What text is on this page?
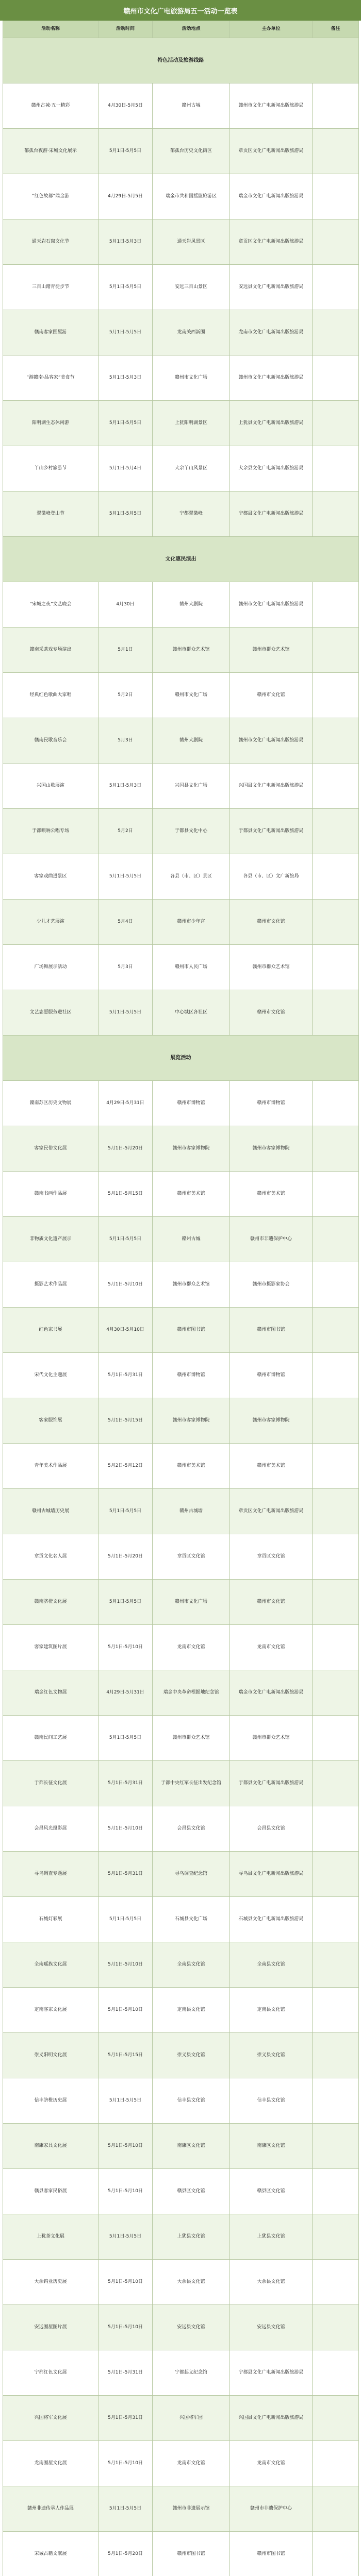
赣州市文化广电旅游局五一活动一览表
活动名称	活动时间	活动地点	主办单位	备注
特色活动及旅游线路				
赣州古城·五一精彩	4月30日-5月5日	赣州古城	赣州市文化广电新闻出版旅游局	
郁孤台夜游·宋城文化展示	5月1日-5月5日	郁孤台历史文化街区	章贡区文化广电新闻出版旅游局	
“红色故都”瑞金游	4月29日-5月5日	瑞金市共和国摇篮旅游区	瑞金市文化广电新闻出版旅游局	
通天岩石窟文化节	5月1日-5月3日	通天岩风景区	章贡区文化广电新闻出版旅游局	
三百山踏青徒步节	5月1日-5月5日	安远三百山景区	安远县文化广电新闻出版旅游局	
赣南客家围屋游	5月1日-5月5日	龙南关西新围	龙南市文化广电新闻出版旅游局	
“游赣南·品客家”美食节	5月1日-5月3日	赣州市文化广场	赣州市文化广电新闻出版旅游局	
阳明湖生态休闲游	5月1日-5月5日	上犹阳明湖景区	上犹县文化广电新闻出版旅游局	
丫山乡村旅游节	5月1日-5月4日	大余丫山风景区	大余县文化广电新闻出版旅游局	
翠微峰登山节	5月1日-5月5日	宁都翠微峰	宁都县文化广电新闻出版旅游局	
文化惠民演出				
“宋城之夜”文艺晚会	4月30日	赣州大剧院	赣州市文化广电新闻出版旅游局	
赣南采茶戏专场演出	5月1日	赣州市群众艺术馆	赣州市群众艺术馆	
经典红色歌曲大家唱	5月2日	赣州市文化广场	赣州市文化馆	
赣南民歌音乐会	5月3日	赣州大剧院	赣州市文化广电新闻出版旅游局	
兴国山歌展演	5月1日-5月3日	兴国县文化广场	兴国县文化广电新闻出版旅游局	
于都唢呐公唱专场	5月2日	于都县文化中心	于都县文化广电新闻出版旅游局	
客家戏曲进景区	5月1日-5月5日	各县（市、区）景区	各县（市、区）文广新旅局	
少儿才艺展演	5月4日	赣州市少年宫	赣州市文化馆	
广场舞展示活动	5月3日	赣州市人民广场	赣州市群众艺术馆	
文艺志愿服务进社区	5月1日-5月5日	中心城区各社区	赣州市文化馆	
展览活动				
赣南苏区历史文物展	4月29日-5月31日	赣州市博物馆	赣州市博物馆	
客家民俗文化展	5月1日-5月20日	赣州市客家博物院	赣州市客家博物院	
赣南书画作品展	5月1日-5月15日	赣州市美术馆	赣州市美术馆	
非物质文化遗产展示	5月1日-5月5日	赣州古城	赣州市非遗保护中心	
摄影艺术作品展	5月1日-5月10日	赣州市群众艺术馆	赣州市摄影家协会	
红色家书展	4月30日-5月10日	赣州市图书馆	赣州市图书馆	
宋代文化主题展	5月1日-5月31日	赣州市博物馆	赣州市博物馆	
客家服饰展	5月1日-5月15日	赣州市客家博物院	赣州市客家博物院	
青年美术作品展	5月2日-5月12日	赣州市美术馆	赣州市美术馆	
赣州古城墙历史展	5月1日-5月5日	赣州古城墙	章贡区文化广电新闻出版旅游局	
章贡文化名人展	5月1日-5月20日	章贡区文化馆	章贡区文化馆	
赣南脐橙文化展	5月1日-5月5日	赣州市文化广场	赣州市文化馆	
客家建筑图片展	5月1日-5月10日	龙南市文化馆	龙南市文化馆	
瑞金红色文物展	4月29日-5月31日	瑞金中央革命根据地纪念馆	瑞金市文化广电新闻出版旅游局	
赣南民间工艺展	5月1日-5月5日	赣州市群众艺术馆	赣州市群众艺术馆	
于都长征文化展	5月1日-5月31日	于都中央红军长征出发纪念馆	于都县文化广电新闻出版旅游局	
会昌风光摄影展	5月1日-5月10日	会昌县文化馆	会昌县文化馆	
寻乌调查专题展	5月1日-5月31日	寻乌调查纪念馆	寻乌县文化广电新闻出版旅游局	
石城灯彩展	5月1日-5月5日	石城县文化广场	石城县文化广电新闻出版旅游局	
全南瑶族文化展	5月1日-5月10日	全南县文化馆	全南县文化馆	
定南客家文化展	5月1日-5月10日	定南县文化馆	定南县文化馆	
崇义阳明文化展	5月1日-5月15日	崇义县文化馆	崇义县文化馆	
信丰脐橙历史展	5月1日-5月5日	信丰县文化馆	信丰县文化馆	
南康家具文化展	5月1日-5月10日	南康区文化馆	南康区文化馆	
赣县客家民俗展	5月1日-5月10日	赣县区文化馆	赣县区文化馆	
上犹茶文化展	5月1日-5月5日	上犹县文化馆	上犹县文化馆	
大余钨业历史展	5月1日-5月10日	大余县文化馆	大余县文化馆	
安远围屋图片展	5月1日-5月10日	安远县文化馆	安远县文化馆	
宁都红色文化展	5月1日-5月31日	宁都起义纪念馆	宁都县文化广电新闻出版旅游局	
兴国将军文化展	5月1日-5月31日	兴国将军园	兴国县文化广电新闻出版旅游局	
龙南围屋文化展	5月1日-5月10日	龙南市文化馆	龙南市文化馆	
赣州非遗传承人作品展	5月1日-5月5日	赣州市非遗展示馆	赣州市非遗保护中心	
宋城古籍文献展	5月1日-5月20日	赣州市图书馆	赣州市图书馆	
